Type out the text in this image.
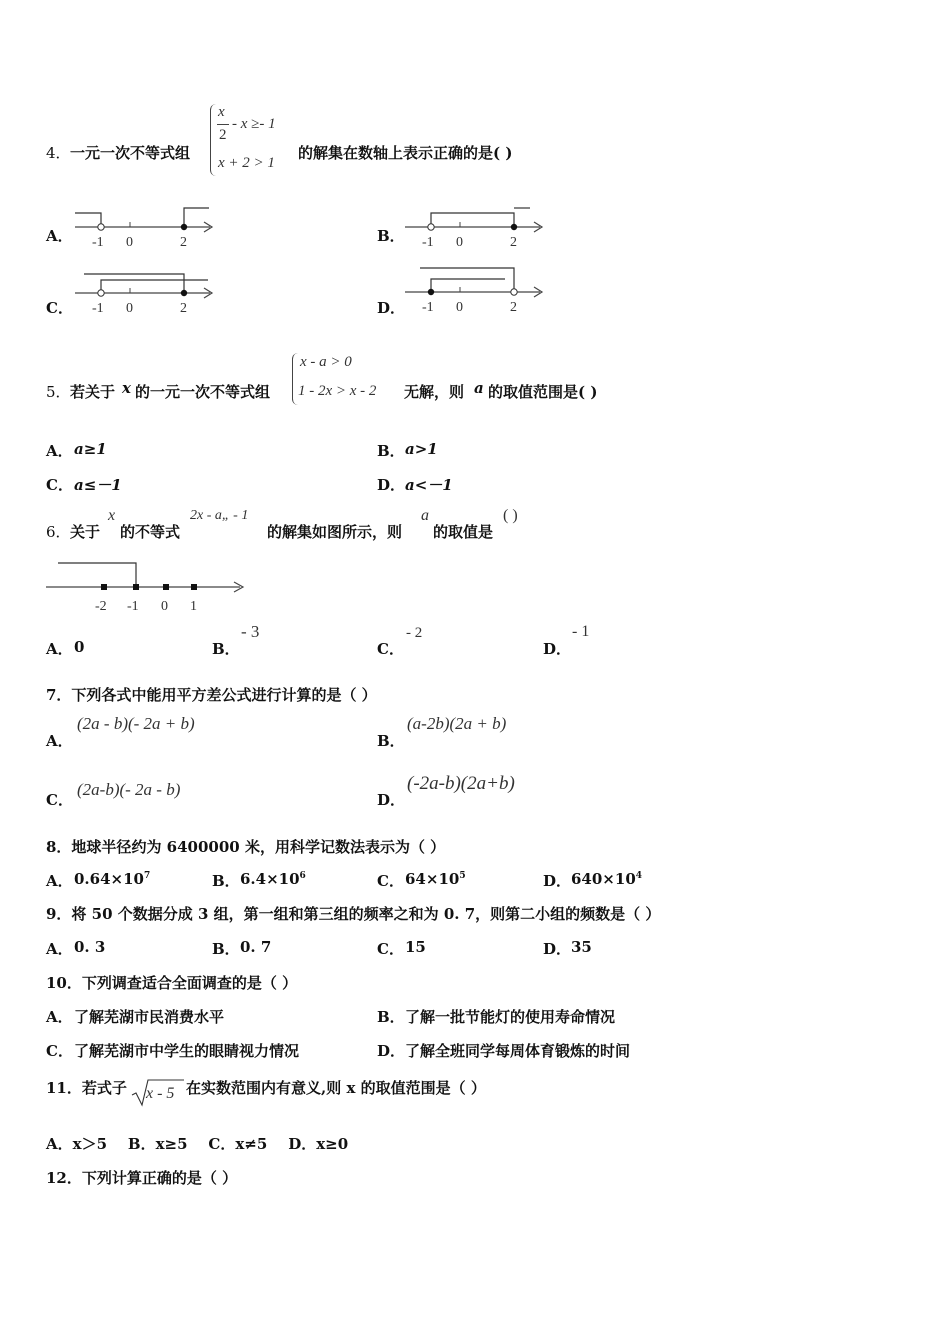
4． 一元一次不等式组
x
2
- x ≥- 1
x + 2 > 1
的解集在数轴上表示正确的是( )
A． -1 0	2	B． -1 0	2
C． -1 0	2	D． -1 0	2
5． 若关于 x 的一元一次不等式组
x - a > 0
1 - 2x > x - 2 无解，则 a 的取值范围是( )
A． a≥1	B． a>1
C． a≤－1	D． a<－1
6． 关于
x
的不等式
2x - a„ - 1
的解集如图所示，则
a
的取值是
( )
-2 -1 0 1
A． 0	B．
- 3
C．
- 2
D．
- 1
7．下列各式中能用平方差公式进行计算的是（ ）
A．
(2a - b)(- 2a + b)
B．
(a-2b)(2a + b)
C．
(2a-b)(- 2a - b)
D．
(-2a-b)(2a+b)
8．地球半径约为 6400000 米，用科学记数法表示为（ ）
A． $0.64\times 10^7$	B． $6.4\times 10^6$	C． $64\times 10^5$	D． $640\times 10^4$
9．将 50 个数据分成 3 组，第一组和第三组的频率之和为 0. 7，则第二小组的频数是（ ）
A． 0. 3	B． 0. 7	C． 15	D． 35
10．下列调查适合全面调查的是（ ）
A． 了解芜湖市民消费水平	B． 了解一批节能灯的使用寿命情况
C． 了解芜湖市中学生的眼睛视力情况	D． 了解全班同学每周体育锻炼的时间
11．若式子 x - 5 在实数范围内有意义,则 x 的取值范围是（ ）
A．x＞5    B．x≥5    C．x≠5    D．x≥0
12．下列计算正确的是（ ）
